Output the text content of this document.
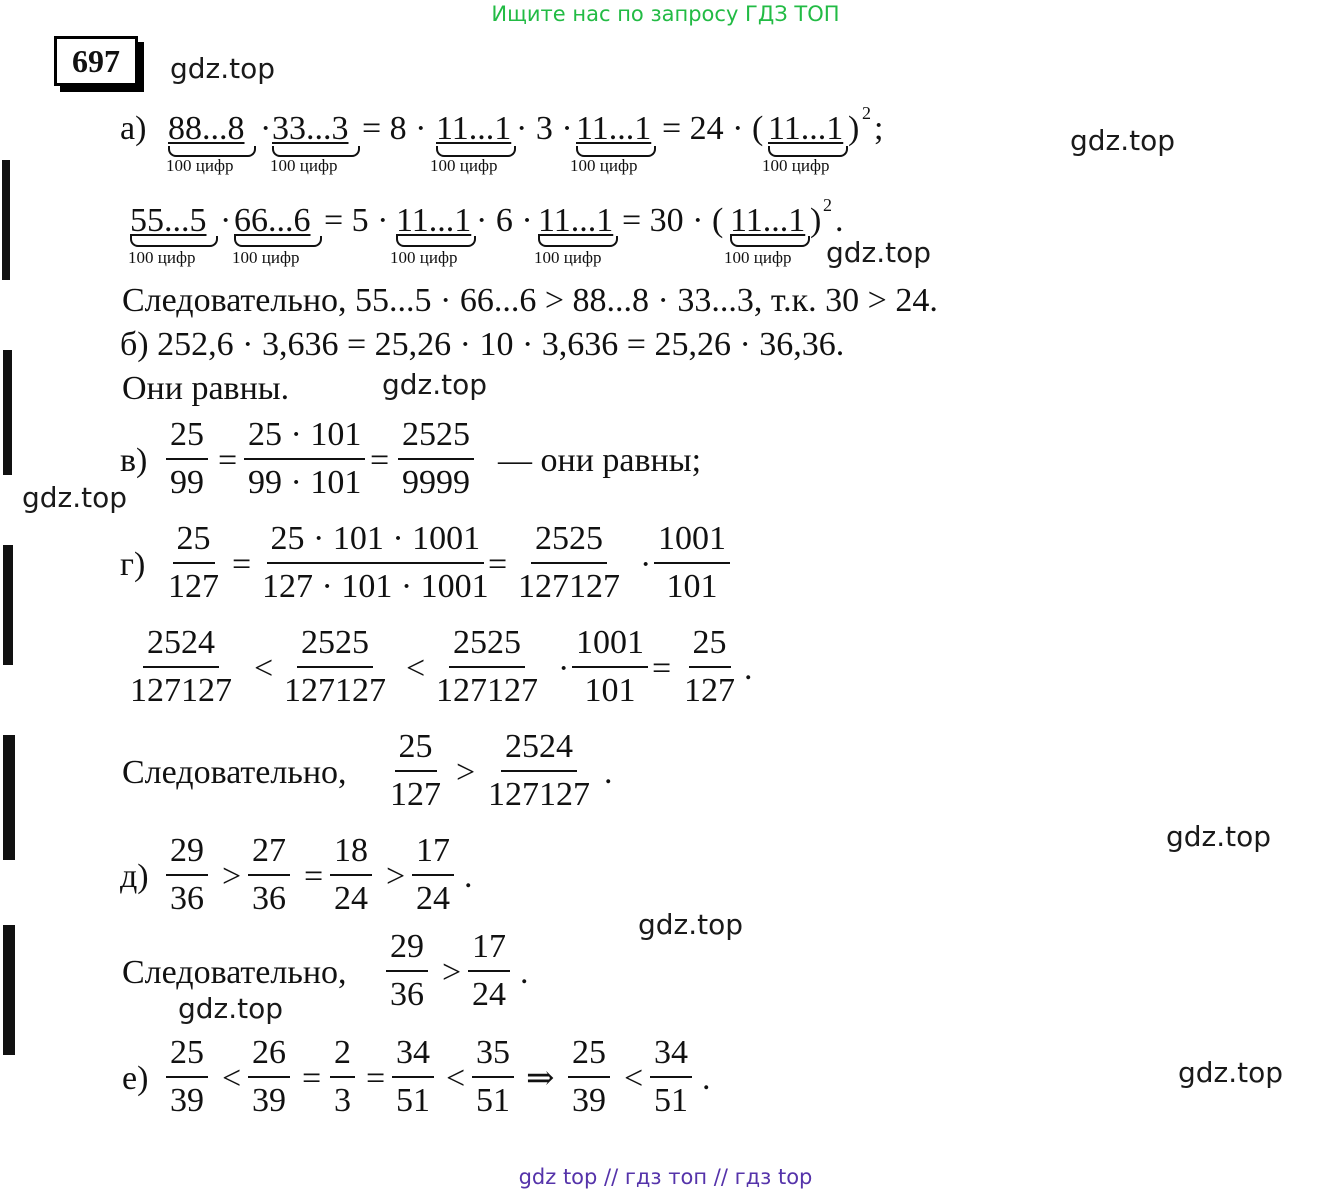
Ищите нас по запросу ГДЗ ТОП
697	gdz.top
gdz.top
gdz.top
gdz.top
gdz.top
gdz.top
gdz.top
gdz.top
gdz.top
а) 88...8 · 33...3 = 8 · 11...1 · 3 · 11...1 = 24 · ( 11...1 ) 2 ;
100 цифр 100 цифр	100 цифр	100 цифр	100 цифр
55...5 · 66...6 = 5 · 11...1 · 6 · 11...1 = 30 · ( 11...1 ) 2 .
100 цифр 100 цифр	100 цифр	100 цифр	100 цифр
Следовательно, 55...5 · 66...6 > 88...8 · 33...3, т.к. 30 > 24.
б) 252,6 · 3,636 = 25,26 · 10 · 3,636 = 25,26 · 36,36.
Они равны.
$в) \frac{25}{99} = \frac{25 \cdot 101}{99 \cdot 101} = \frac{2525}{9999}$ — они равны;
$г) \frac{25}{127} = \frac{25 \cdot 101 \cdot 1001}{127 \cdot 101 \cdot 1001}$
= $\frac{2525}{127127} \cdot \frac{1001}{101}$
$\frac{2524}{127127} < \frac{2525}{127127} < \frac{2525}{127127} \cdot \frac{1001}{101} = \frac{25}{127}$ .
Следовательно, $\frac{25}{127} > \frac{2524}{127127}$ .
$д) \frac{29}{36} > \frac{27}{36} = \frac{18}{24} > \frac{17}{24}$ .
Следовательно, $\frac{29}{36} > \frac{17}{24}$ .
$е) \frac{25}{39} < \frac{26}{39} = \frac{2}{3} = \frac{34}{51} < \frac{35}{51}$ ⇒ $\frac{25}{39} < \frac{34}{51}$ .
gdz top // гдз топ // гдз top
